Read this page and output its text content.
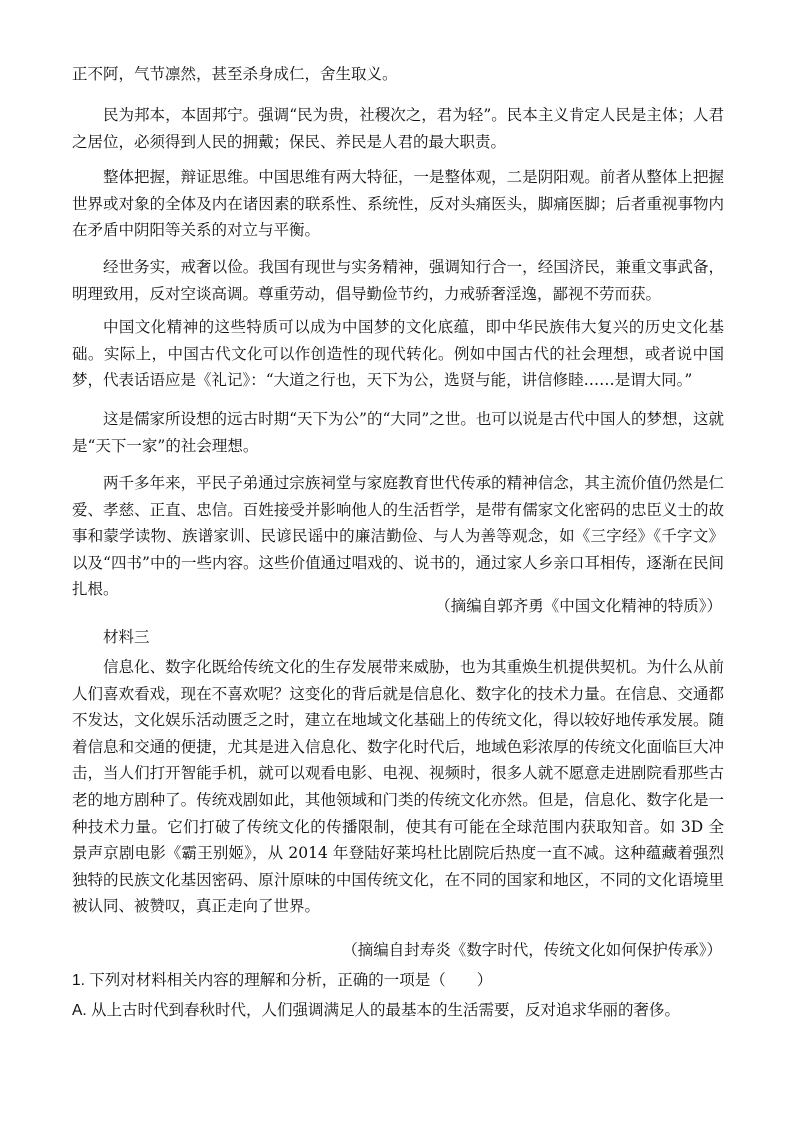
正不阿，气节凛然，甚至杀身成仁，舍生取义。

民为邦本，本固邦宁。强调“民为贵，社稷次之，君为轻”。民本主义肯定人民是主体；人君之居位，必须得到人民的拥戴；保民、养民是人君的最大职责。

整体把握，辩证思维。中国思维有两大特征，一是整体观，二是阴阳观。前者从整体上把握世界或对象的全体及内在诸因素的联系性、系统性，反对头痛医头，脚痛医脚；后者重视事物内在矛盾中阴阳等关系的对立与平衡。

经世务实，戒奢以俭。我国有现世与实务精神，强调知行合一，经国济民，兼重文事武备，明理致用，反对空谈高调。尊重劳动，倡导勤俭节约，力戒骄奢淫逸，鄙视不劳而获。

中国文化精神的这些特质可以成为中国梦的文化底蕴，即中华民族伟大复兴的历史文化基础。实际上，中国古代文化可以作创造性的现代转化。例如中国古代的社会理想，或者说中国梦，代表话语应是《礼记》：“大道之行也，天下为公，选贤与能，讲信修睦……是谓大同。”

这是儒家所设想的远古时期“天下为公”的“大同”之世。也可以说是古代中国人的梦想，这就是“天下一家”的社会理想。

两千多年来，平民子弟通过宗族祠堂与家庭教育世代传承的精神信念，其主流价值仍然是仁爱、孝慈、正直、忠信。百姓接受并影响他人的生活哲学，是带有儒家文化密码的忠臣义士的故事和蒙学读物、族谱家训、民谚民谣中的廉洁勤俭、与人为善等观念，如《三字经》《千字文》以及“四书”中的一些内容。这些价值通过唱戏的、说书的，通过家人乡亲口耳相传，逐渐在民间扎根。

（摘编自郭齐勇《中国文化精神的特质》）

材料三

信息化、数字化既给传统文化的生存发展带来威胁，也为其重焕生机提供契机。为什么从前人们喜欢看戏，现在不喜欢呢？这变化的背后就是信息化、数字化的技术力量。在信息、交通都不发达，文化娱乐活动匮乏之时，建立在地域文化基础上的传统文化，得以较好地传承发展。随着信息和交通的便捷，尤其是进入信息化、数字化时代后，地域色彩浓厚的传统文化面临巨大冲击，当人们打开智能手机，就可以观看电影、电视、视频时，很多人就不愿意走进剧院看那些古老的地方剧种了。传统戏剧如此，其他领域和门类的传统文化亦然。但是，信息化、数字化是一种技术力量。它们打破了传统文化的传播限制，使其有可能在全球范围内获取知音。如 3D 全景声京剧电影《霸王别姬》，从 2014 年登陆好莱坞杜比剧院后热度一直不减。这种蕴藏着强烈独特的民族文化基因密码、原汁原味的中国传统文化，在不同的国家和地区，不同的文化语境里被认同、被赞叹，真正走向了世界。

（摘编自封寿炎《数字时代，传统文化如何保护传承》）

1. 下列对材料相关内容的理解和分析，正确的一项是（　　）

A. 从上古时代到春秋时代，人们强调满足人的最基本的生活需要，反对追求华丽的奢侈。
